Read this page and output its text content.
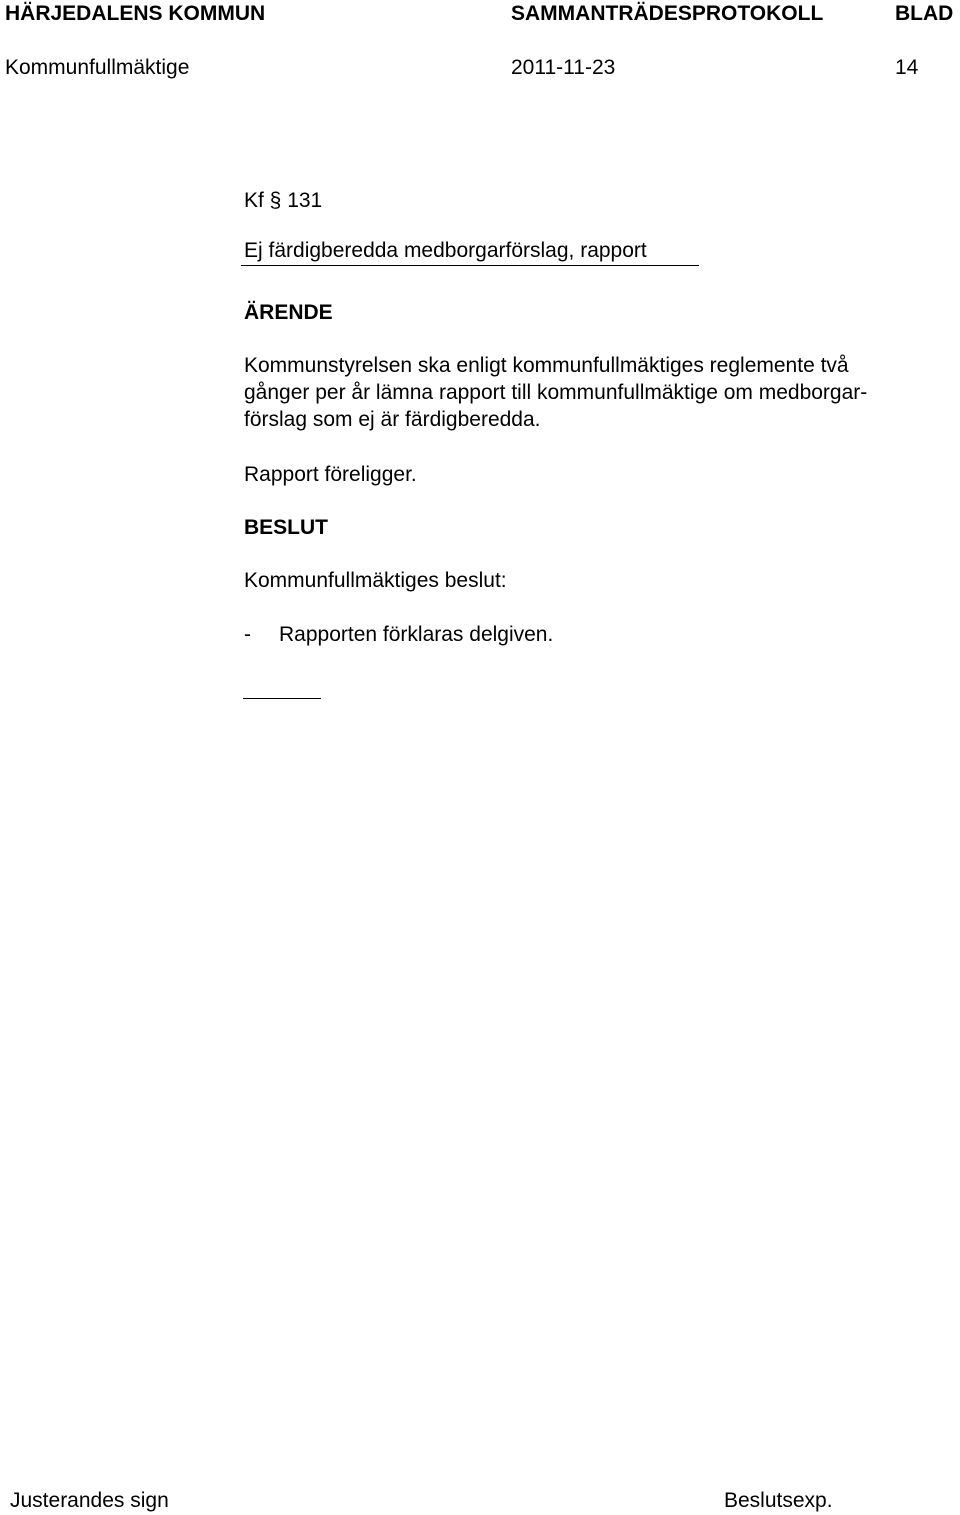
HÄRJEDALENS KOMMUN	SAMMANTRÄDESPROTOKOLL	BLAD
Kommunfullmäktige	2011-11-23	14
Kf § 131
Ej färdigberedda medborgarförslag, rapport
ÄRENDE
Kommunstyrelsen ska enligt kommunfullmäktiges reglemente två
gånger per år lämna rapport till kommunfullmäktige om medborgar-
förslag som ej är färdigberedda.
Rapport föreligger.
BESLUT
Kommunfullmäktiges beslut:
- Rapporten förklaras delgiven.
Justerandes sign	Beslutsexp.
